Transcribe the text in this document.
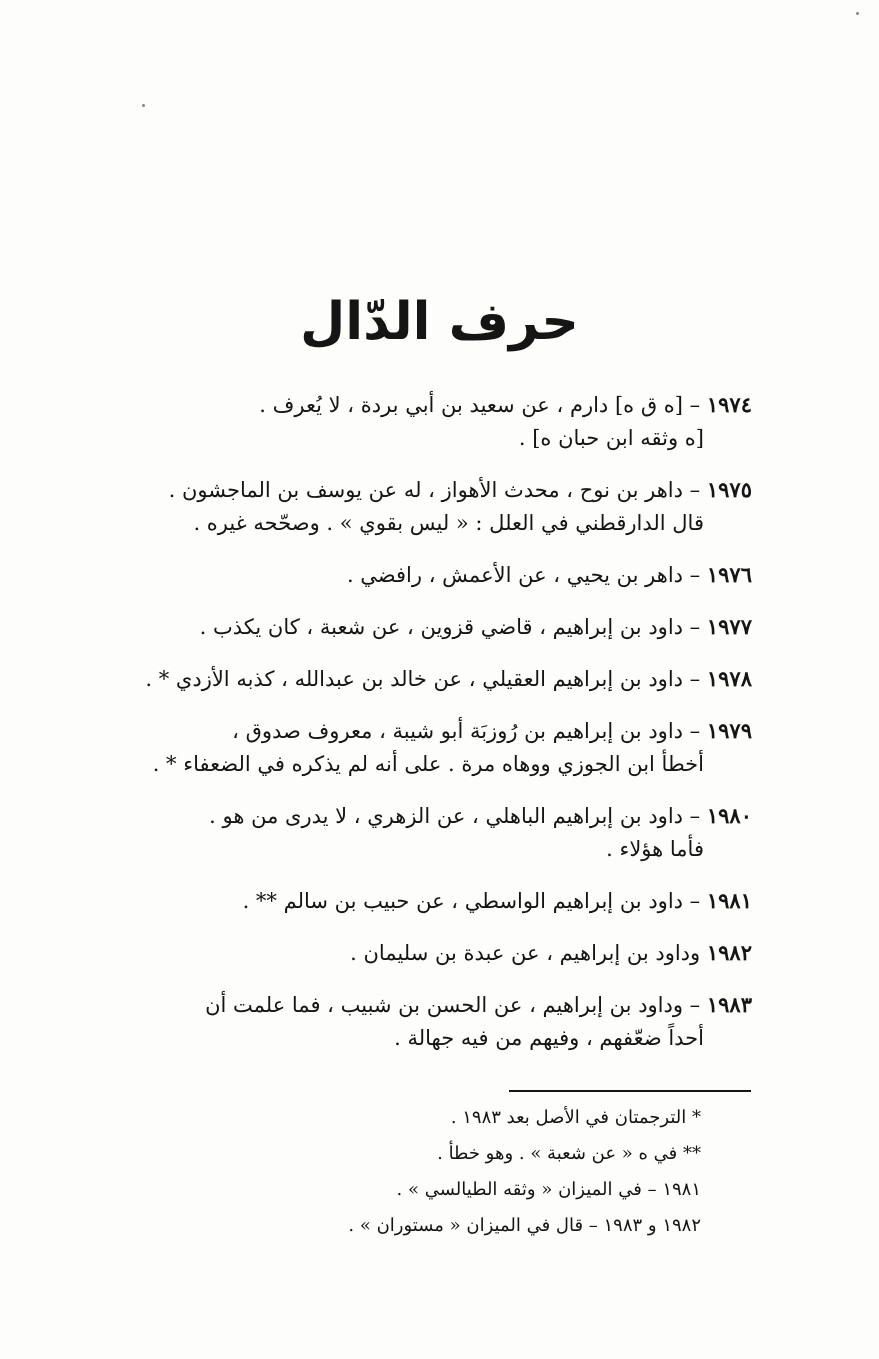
حرف الدّال
١٩٧٤ – [ه ق ه] دارم ، عن سعيد بن أبي بردة ، لا يُعرف .
[ه وثقه ابن حبان ه] .
١٩٧٥ – داهر بن نوح ، محدث الأهواز ، له عن يوسف بن الماجشون .
قال الدارقطني في العلل : « ليس بقوي » . وصحّحه غيره .
١٩٧٦ – داهر بن يحيي ، عن الأعمش ، رافضي .
١٩٧٧ – داود بن إبراهيم ، قاضي قزوين ، عن شعبة ، كان يكذب .
١٩٧٨ – داود بن إبراهيم العقيلي ، عن خالد بن عبدالله ، كذبه الأزدي * .
١٩٧٩ – داود بن إبراهيم بن رُوزبَة أبو شيبة ، معروف صدوق ،
أخطأ ابن الجوزي ووهاه مرة . على أنه لم يذكره في الضعفاء * .
١٩٨٠ – داود بن إبراهيم الباهلي ، عن الزهري ، لا يدرى من هو .
فأما هؤلاء .
١٩٨١ – داود بن إبراهيم الواسطي ، عن حبيب بن سالم ** .
١٩٨٢ وداود بن إبراهيم ، عن عبدة بن سليمان .
١٩٨٣ – وداود بن إبراهيم ، عن الحسن بن شبيب ، فما علمت أن
أحداً ضعّفهم ، وفيهم من فيه جهالة .
* الترجمتان في الأصل بعد ١٩٨٣ .
** في ه « عن شعبة » . وهو خطأ .
١٩٨١ – في الميزان « وثقه الطيالسي » .
١٩٨٢ و ١٩٨٣ – قال في الميزان « مستوران » .
